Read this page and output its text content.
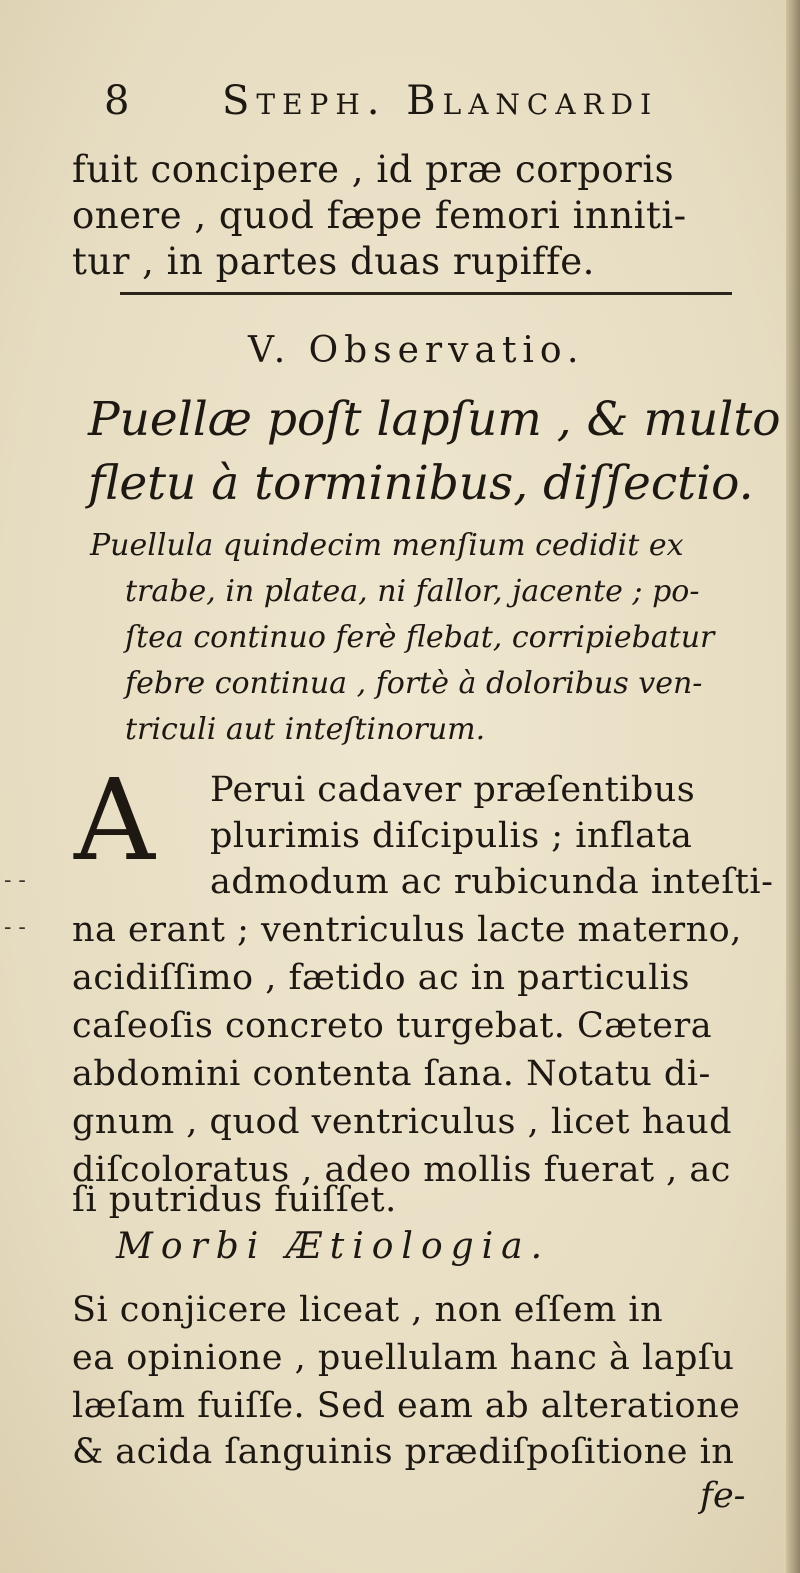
8 Steph. Blancardi
fuit concipere , id præ corporis
onere , quod fæpe femori inniti-
tur , in partes duas rupiffe.
V. Observatio.
Puellæ poſt lapſum , & multo
fletu à torminibus, diſſectio.
Puellula quindecim menſium cedidit ex
trabe, in platea, ni fallor, jacente ; po-
ſtea continuo ferè flebat, corripiebatur
febre continua , fortè à doloribus ven-
triculi aut inteſtinorum.
A Perui cadaver præſentibus
plurimis diſcipulis ; inflata
admodum ac rubicunda inteſti-
na erant ; ventriculus lacte materno,
acidiſſimo , fætido ac in particulis
caſeoſis concreto turgebat. Cætera
abdomini contenta ſana. Notatu di-
gnum , quod ventriculus , licet haud
diſcoloratus , adeo mollis fuerat , ac
ſi putridus fuiſſet.
Morbi Ætiologia.
Si conjicere liceat , non eſſem in
ea opinione , puellulam hanc à lapſu
læſam fuiſſe. Sed eam ab alteratione
& acida ſanguinis prædiſpoſitione in
fe-
‐ ‐
‐ ‐
